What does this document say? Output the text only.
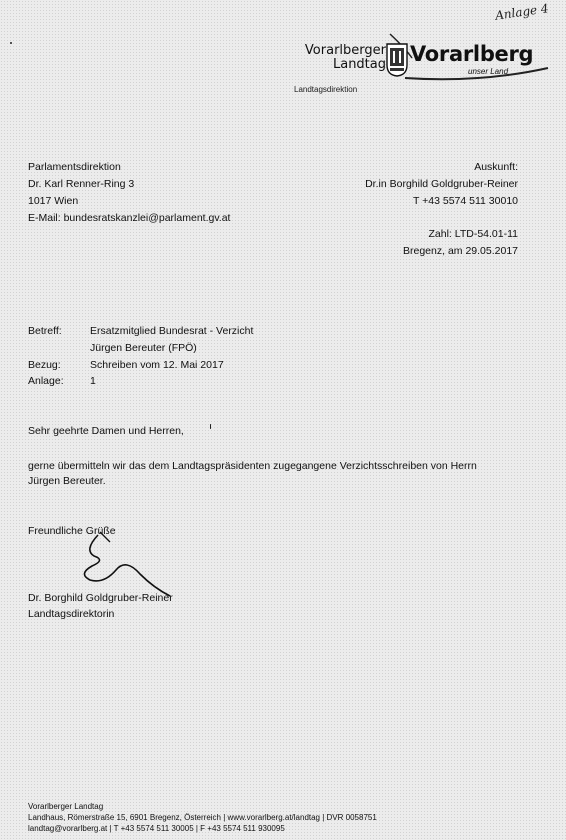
Anlage 4
Vorarlberger
Landtag Vorarlberg
unser Land
Landtagsdirektion
Parlamentsdirektion
Dr. Karl Renner-Ring 3
1017 Wien
E-Mail: bundesratskanzlei@parlament.gv.at
Auskunft:
Dr.in Borghild Goldgruber-Reiner
T +43 5574 511 30010
Zahl: LTD-54.01-11
Bregenz, am 29.05.2017
Betreff:	Ersatzmitglied Bundesrat - Verzicht
Jürgen Bereuter (FPÖ)
Bezug:	Schreiben vom 12. Mai 2017
Anlage:	1
Sehr geehrte Damen und Herren,
gerne übermitteln wir das dem Landtagspräsidenten zugegangene Verzichtsschreiben von Herrn
Jürgen Bereuter.
Freundliche Grüße
Dr. Borghild Goldgruber-Reiner
Landtagsdirektorin
Vorarlberger Landtag
Landhaus, Römerstraße 15, 6901 Bregenz, Österreich | www.vorarlberg.at/landtag | DVR 0058751
landtag@vorarlberg.at | T +43 5574 511 30005 | F +43 5574 511 930095
